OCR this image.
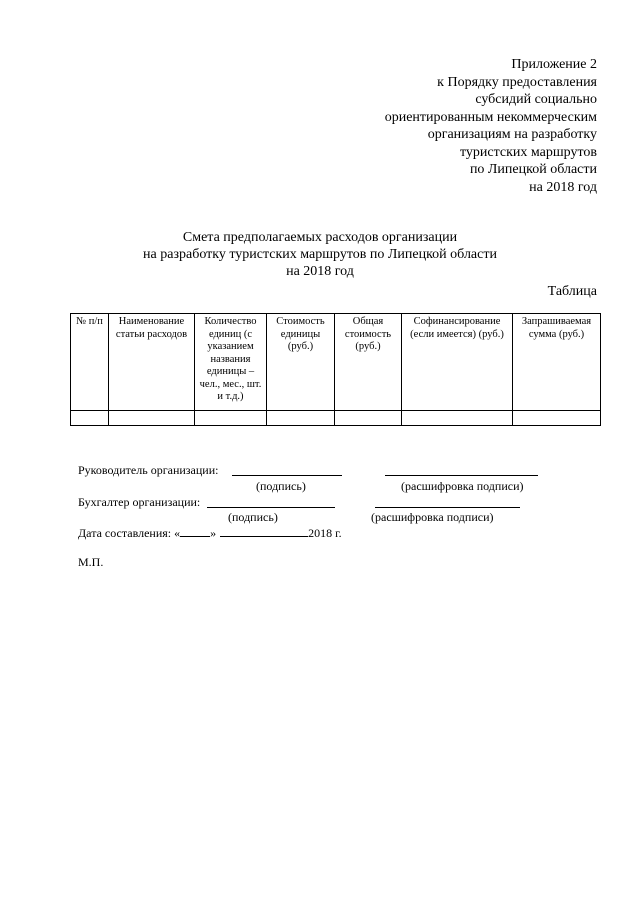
Приложение 2
к Порядку предоставления
субсидий социально
ориентированным некоммерческим
организациям на разработку
туристских маршрутов
по Липецкой области
на 2018 год
Смета предполагаемых расходов организации
на разработку туристских маршрутов по Липецкой области
на 2018 год
Таблица
№ п/п	Наименование статьи расходов	Количество единиц (с указанием названия единицы – чел., мес., шт. и т.д.)	Стоимость единицы (руб.)	Общая стоимость (руб.)	Софинансирование (если имеется) (руб.)	Запрашиваемая сумма (руб.)

Руководитель организации:
(подпись)	(расшифровка подписи)
Бухгалтер организации:
(подпись)	(расшифровка подписи)
Дата составления: «	»	2018 г.
М.П.
